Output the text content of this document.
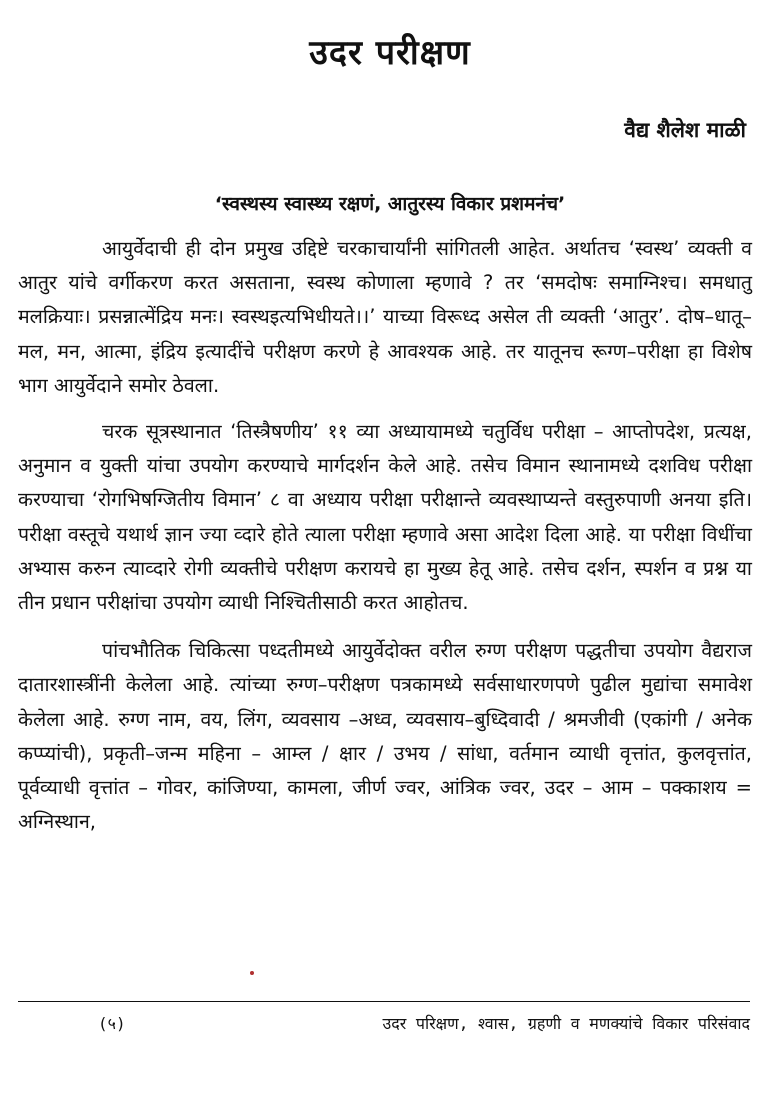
उदर परीक्षण
वैद्य शैलेश माळी
‘स्वस्थस्य स्वास्थ्य रक्षणं, आतुरस्य विकार प्रशमनंच’

आयुर्वेदाची ही दोन प्रमुख उद्दिष्टे चरकाचार्यांनी सांगितली आहेत. अर्थातच ‘स्वस्थ’ व्यक्ती व आतुर यांचे वर्गीकरण करत असताना, स्वस्थ कोणाला म्हणावे ? तर ‘समदोषः समाग्निश्च। समधातु मलक्रियाः। प्रसन्नात्मेंद्रिय मनः। स्वस्थइत्यभिधीयते।।’ याच्या विरूध्द असेल ती व्यक्ती ‘आतुर’. दोष–धातू–मल, मन, आत्मा, इंद्रिय इत्यादींचे परीक्षण करणे हे आवश्यक आहे. तर यातूनच रूग्ण–परीक्षा हा विशेष भाग आयुर्वेदाने समोर ठेवला.

चरक सूत्रस्थानात ‘तिस्त्रैषणीय’ ११ व्या अध्यायामध्ये चतुर्विध परीक्षा – आप्तोपदेश, प्रत्यक्ष, अनुमान व युक्ती यांचा उपयोग करण्याचे मार्गदर्शन केले आहे. तसेच विमान स्थानामध्ये दशविध परीक्षा करण्याचा ‘रोगभिषग्जितीय विमान’ ८ वा अध्याय परीक्षा परीक्षान्ते व्यवस्थाप्यन्ते वस्तुरुपाणी अनया इति। परीक्षा वस्तूचे यथार्थ ज्ञान ज्या व्दारे होते त्याला परीक्षा म्हणावे असा आदेश दिला आहे. या परीक्षा विधींचा अभ्यास करुन त्याव्दारे रोगी व्यक्तीचे परीक्षण करायचे हा मुख्य हेतू आहे. तसेच दर्शन, स्पर्शन व प्रश्न या तीन प्रधान परीक्षांचा उपयोग व्याधी निश्चितीसाठी करत आहोतच.

पांचभौतिक चिकित्सा पध्दतीमध्ये आयुर्वेदोक्त वरील रुग्ण परीक्षण पद्धतीचा उपयोग वैद्यराज दातारशास्त्रींनी केलेला आहे. त्यांच्या रुग्ण–परीक्षण पत्रकामध्ये सर्वसाधारणपणे पुढील मुद्यांचा समावेश केलेला आहे. रुग्ण नाम, वय, लिंग, व्यवसाय –अध्व, व्यवसाय–बुध्दिवादी / श्रमजीवी (एकांगी / अनेक कप्प्यांची), प्रकृती–जन्म महिना – आम्ल / क्षार / उभय / सांधा, वर्तमान व्याधी वृत्तांत, कुलवृत्तांत, पूर्वव्याधी वृत्तांत – गोवर, कांजिण्या, कामला, जीर्ण ज्वर, आंत्रिक ज्वर, उदर – आम – पक्काशय = अग्निस्थान,

(५)	उदर परिक्षण, श्वास, ग्रहणी व मणक्यांचे विकार परिसंवाद
